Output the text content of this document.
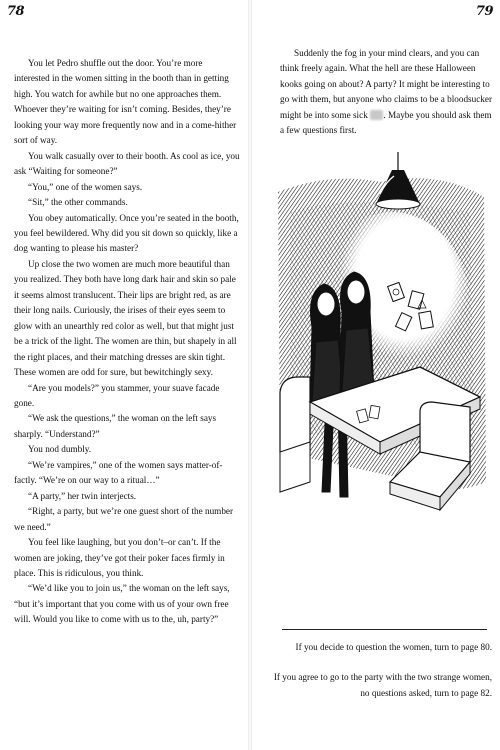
78

You let Pedro shuffle out the door. You’re more interested in the women sitting in the booth than in getting high. You watch for awhile but no one approaches them. Whoever they’re waiting for isn’t coming. Besides, they’re looking your way more frequently now and in a come-hither sort of way.

You walk casually over to their booth. As cool as ice, you ask “Waiting for someone?”

“You,” one of the women says.

“Sit,” the other commands.

You obey automatically. Once you’re seated in the booth, you feel bewildered. Why did you sit down so quickly, like a dog wanting to please his master?

Up close the two women are much more beautiful than you realized. They both have long dark hair and skin so pale it seems almost translucent. Their lips are bright red, as are their long nails. Curiously, the irises of their eyes seem to glow with an unearthly red color as well, but that might just be a trick of the light. The women are thin, but shapely in all the right places, and their matching dresses are skin tight. These women are odd for sure, but bewitchingly sexy.

“Are you models?” you stammer, your suave facade gone.

“We ask the questions,” the woman on the left says sharply. “Understand?”

You nod dumbly.

“We’re vampires,” one of the women says matter-of-factly. “We’re on our way to a ritual…”

“A party,” her twin interjects.

“Right, a party, but we’re one guest short of the number we need.”

You feel like laughing, but you don’t–or can’t. If the women are joking, they’ve got their poker faces firmly in place. This is ridiculous, you think.

“We’d like you to join us,” the woman on the left says, “but it’s important that you come with us of your own free will. Would you like to come with us to the, uh, party?”

79

Suddenly the fog in your mind clears, and you can think freely again. What the hell are these Halloween kooks going on about? A party? It might be interesting to go with them, but anyone who claims to be a bloodsucker might be into some sick . Maybe you should ask them a few questions first.

If you decide to question the women, turn to page 80.
If you agree to go to the party with the two strange women, no questions asked, turn to page 82.
